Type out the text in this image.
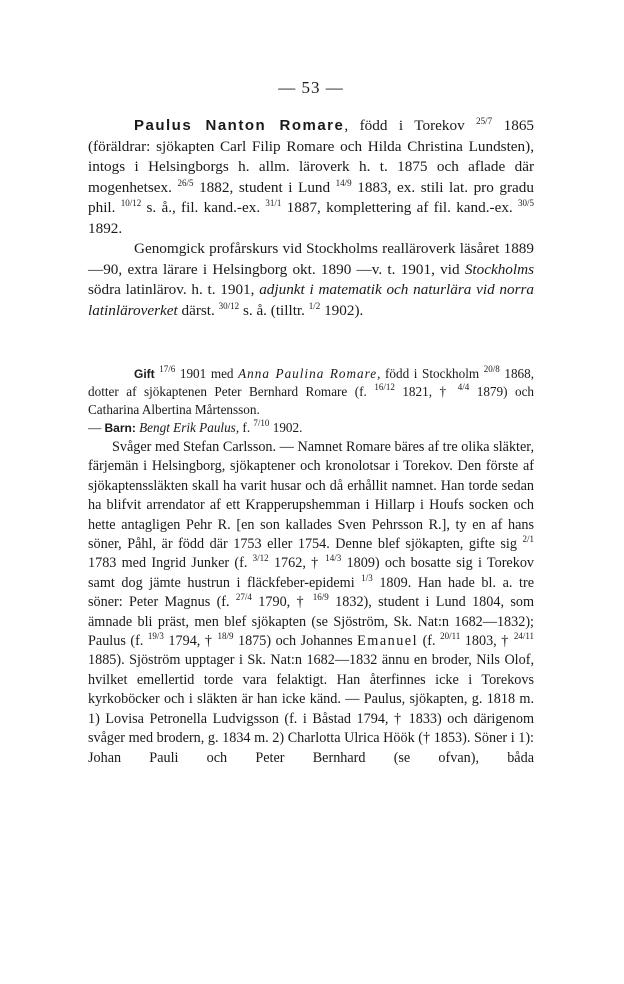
— 53 —

Paulus Nanton Romare, född i Torekov $^{25/7}$ 1865 (föräldrar: sjökapten Carl Filip Romare och Hilda Christina Lundsten), intogs i Helsingborgs h. allm. läroverk h. t. 1875 och aflade där mogenhetsex. $^{26/5}$ 1882, student i Lund $^{14/9}$ 1883, ex. stili lat. pro gradu phil. $^{10/12}$ s. å., fil. kand.-ex. $^{31/1}$ 1887, komplettering af fil. kand.-ex. $^{30/5}$ 1892.

Genomgick profårskurs vid Stockholms realläroverk läsåret 1889—90, extra lärare i Helsingborg okt. 1890 —v. t. 1901, vid Stockholms södra latinlärov. h. t. 1901, adjunkt i matematik och naturlära vid norra latinläroverket därst. $^{30/12}$ s. å. (tilltr. $^{1/2}$ 1902).

Gift $^{17/6}$ 1901 med Anna Paulina Romare, född i Stockholm $^{20/8}$ 1868, dotter af sjökaptenen Peter Bernhard Romare (f. $^{16/12}$ 1821, † $^{4/4}$ 1879) och Catharina Albertina Mårtensson.
— Barn: Bengt Erik Paulus, f. $^{7/10}$ 1902.

Svåger med Stefan Carlsson. — Namnet Romare bäres af tre olika släkter, färjemän i Helsingborg, sjökaptener och kronolotsar i Torekov. Den förste af sjökaptenssläkten skall ha varit husar och då erhållit namnet. Han torde sedan ha blifvit arrendator af ett Krapperupshemman i Hillarp i Houfs socken och hette antagligen Pehr R. [en son kallades Sven Pehrsson R.], ty en af hans söner, Påhl, är född där 1753 eller 1754. Denne blef sjökapten, gifte sig $^{2/1}$ 1783 med Ingrid Junker (f. $^{3/12}$ 1762, † $^{14/3}$ 1809) och bosatte sig i Torekov samt dog jämte hustrun i fläckfeber-epidemi $^{1/3}$ 1809. Han hade bl. a. tre söner: Peter Magnus (f. $^{27/4}$ 1790, † $^{16/9}$ 1832), student i Lund 1804, som ämnade bli präst, men blef sjökapten (se Sjöström, Sk. Nat:n 1682—1832); Paulus (f. $^{19/3}$ 1794, † $^{18/9}$ 1875) och Johannes Emanuel (f. $^{20/11}$ 1803, † $^{24/11}$ 1885). Sjöström upptager i Sk. Nat:n 1682—1832 ännu en broder, Nils Olof, hvilket emellertid torde vara felaktigt. Han återfinnes icke i Torekovs kyrkoböcker och i släkten är han icke känd. — Paulus, sjökapten, g. 1818 m. 1) Lovisa Petronella Ludvigsson (f. i Båstad 1794, † 1833) och därigenom svåger med brodern, g. 1834 m. 2) Charlotta Ulrica Höök († 1853). Söner i 1): Johan Pauli och Peter Bernhard (se ofvan), båda
